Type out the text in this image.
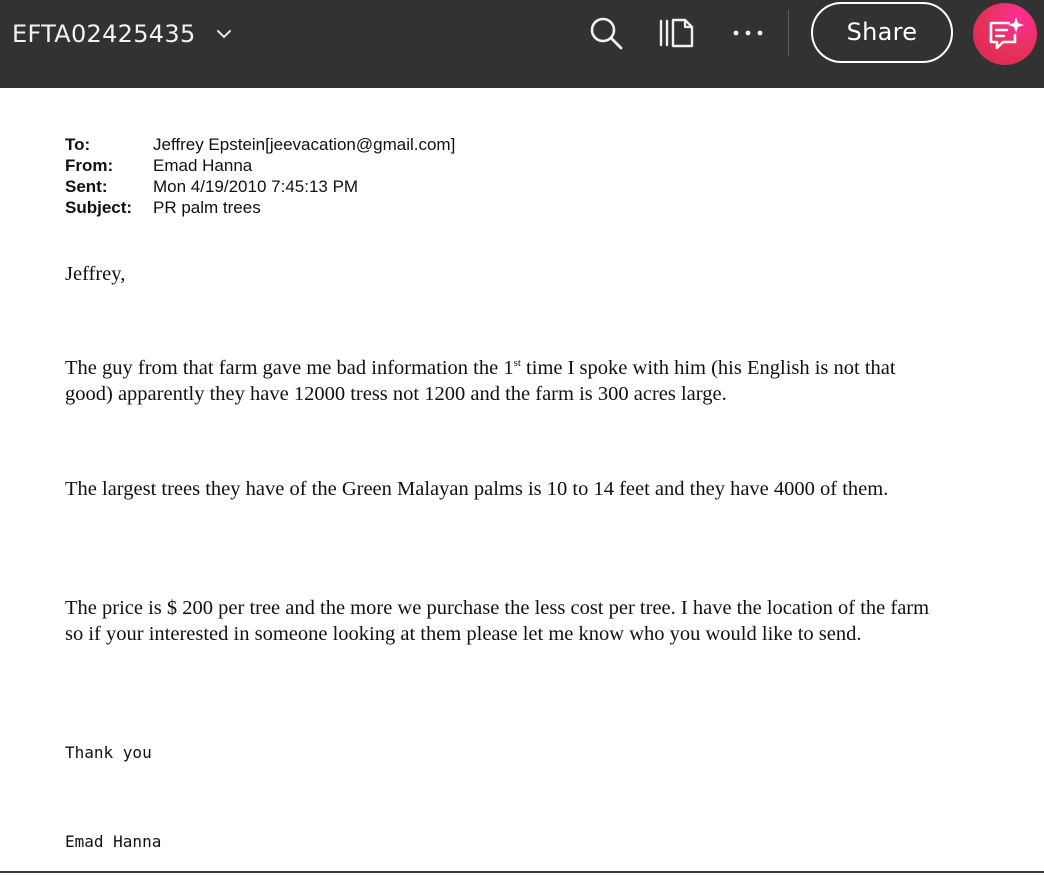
EFTA02425435	Share
To:	Jeffrey Epstein[jeevacation@gmail.com]
From: Emad Hanna
Sent:	Mon 4/19/2010 7:45:13 PM
Subject: PR palm trees

Jeffrey,

The guy from that farm gave me bad information the 1st time I spoke with him (his English is not that good) apparently they have 12000 tress not 1200 and the farm is 300 acres large.

The largest trees they have of the Green Malayan palms is 10 to 14 feet and they have 4000 of them.

The price is $ 200 per tree and the more we purchase the less cost per tree. I have the location of the farm so if your interested in someone looking at them please let me know who you would like to send.

Thank you

Emad Hanna
